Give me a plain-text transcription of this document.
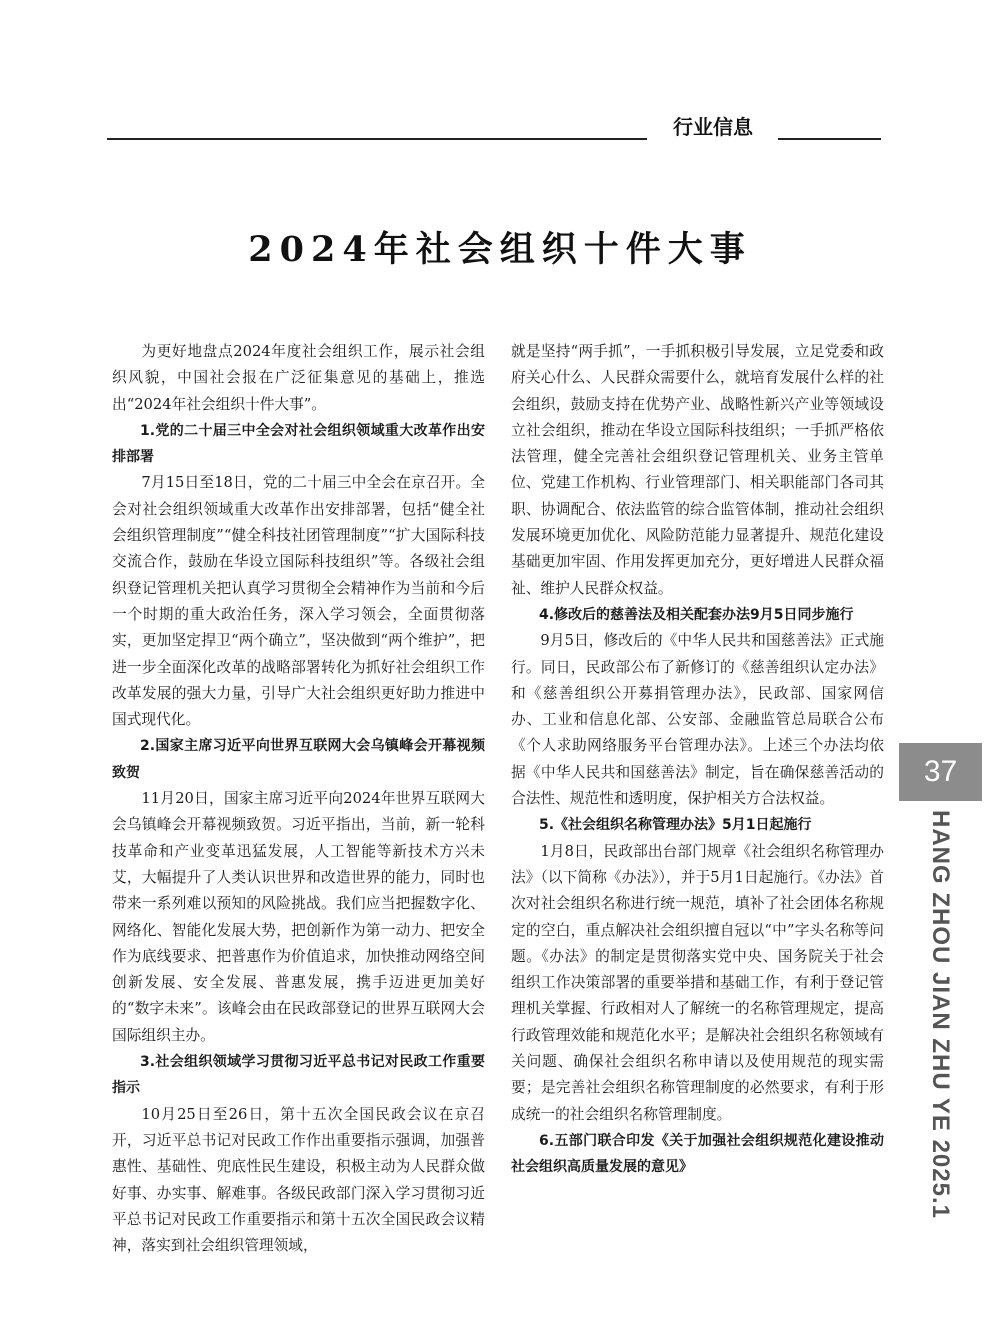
行业信息
2024年社会组织十件大事

为更好地盘点2024年度社会组织工作，展示社会组织风貌，中国社会报在广泛征集意见的基础上，推选出“2024年社会组织十件大事”。

1.党的二十届三中全会对社会组织领域重大改革作出安排部署

7月15日至18日，党的二十届三中全会在京召开。全会对社会组织领域重大改革作出安排部署，包括“健全社会组织管理制度”“健全科技社团管理制度”“扩大国际科技交流合作，鼓励在华设立国际科技组织”等。各级社会组织登记管理机关把认真学习贯彻全会精神作为当前和今后一个时期的重大政治任务，深入学习领会，全面贯彻落实，更加坚定捍卫“两个确立”，坚决做到“两个维护”，把进一步全面深化改革的战略部署转化为抓好社会组织工作改革发展的强大力量，引导广大社会组织更好助力推进中国式现代化。

2.国家主席习近平向世界互联网大会乌镇峰会开幕视频致贺

11月20日，国家主席习近平向2024年世界互联网大会乌镇峰会开幕视频致贺。习近平指出，当前，新一轮科技革命和产业变革迅猛发展，人工智能等新技术方兴未艾，大幅提升了人类认识世界和改造世界的能力，同时也带来一系列难以预知的风险挑战。我们应当把握数字化、网络化、智能化发展大势，把创新作为第一动力、把安全作为底线要求、把普惠作为价值追求，加快推动网络空间创新发展、安全发展、普惠发展，携手迈进更加美好的“数字未来”。该峰会由在民政部登记的世界互联网大会国际组织主办。

3.社会组织领域学习贯彻习近平总书记对民政工作重要指示

10月25日至26日，第十五次全国民政会议在京召开，习近平总书记对民政工作作出重要指示强调，加强普惠性、基础性、兜底性民生建设，积极主动为人民群众做好事、办实事、解难事。各级民政部门深入学习贯彻习近平总书记对民政工作重要指示和第十五次全国民政会议精神，落实到社会组织管理领域，

就是坚持“两手抓”，一手抓积极引导发展，立足党委和政府关心什么、人民群众需要什么，就培育发展什么样的社会组织，鼓励支持在优势产业、战略性新兴产业等领域设立社会组织，推动在华设立国际科技组织；一手抓严格依法管理，健全完善社会组织登记管理机关、业务主管单位、党建工作机构、行业管理部门、相关职能部门各司其职、协调配合、依法监管的综合监管体制，推动社会组织发展环境更加优化、风险防范能力显著提升、规范化建设基础更加牢固、作用发挥更加充分，更好增进人民群众福祉、维护人民群众权益。

4.修改后的慈善法及相关配套办法9月5日同步施行

9月5日，修改后的《中华人民共和国慈善法》正式施行。同日，民政部公布了新修订的《慈善组织认定办法》和《慈善组织公开募捐管理办法》，民政部、国家网信办、工业和信息化部、公安部、金融监管总局联合公布《个人求助网络服务平台管理办法》。上述三个办法均依据《中华人民共和国慈善法》制定，旨在确保慈善活动的合法性、规范性和透明度，保护相关方合法权益。

5.《社会组织名称管理办法》5月1日起施行

1月8日，民政部出台部门规章《社会组织名称管理办法》（以下简称《办法》），并于5月1日起施行。《办法》首次对社会组织名称进行统一规范，填补了社会团体名称规定的空白，重点解决社会组织擅自冠以“中”字头名称等问题。《办法》的制定是贯彻落实党中央、国务院关于社会组织工作决策部署的重要举措和基础工作，有利于登记管理机关掌握、行政相对人了解统一的名称管理规定，提高行政管理效能和规范化水平；是解决社会组织名称领域有关问题、确保社会组织名称申请以及使用规范的现实需要；是完善社会组织名称管理制度的必然要求，有利于形成统一的社会组织名称管理制度。

6.五部门联合印发《关于加强社会组织规范化建设推动社会组织高质量发展的意见》

37
HANG ZHOU JIAN ZHU YE 2025.1
